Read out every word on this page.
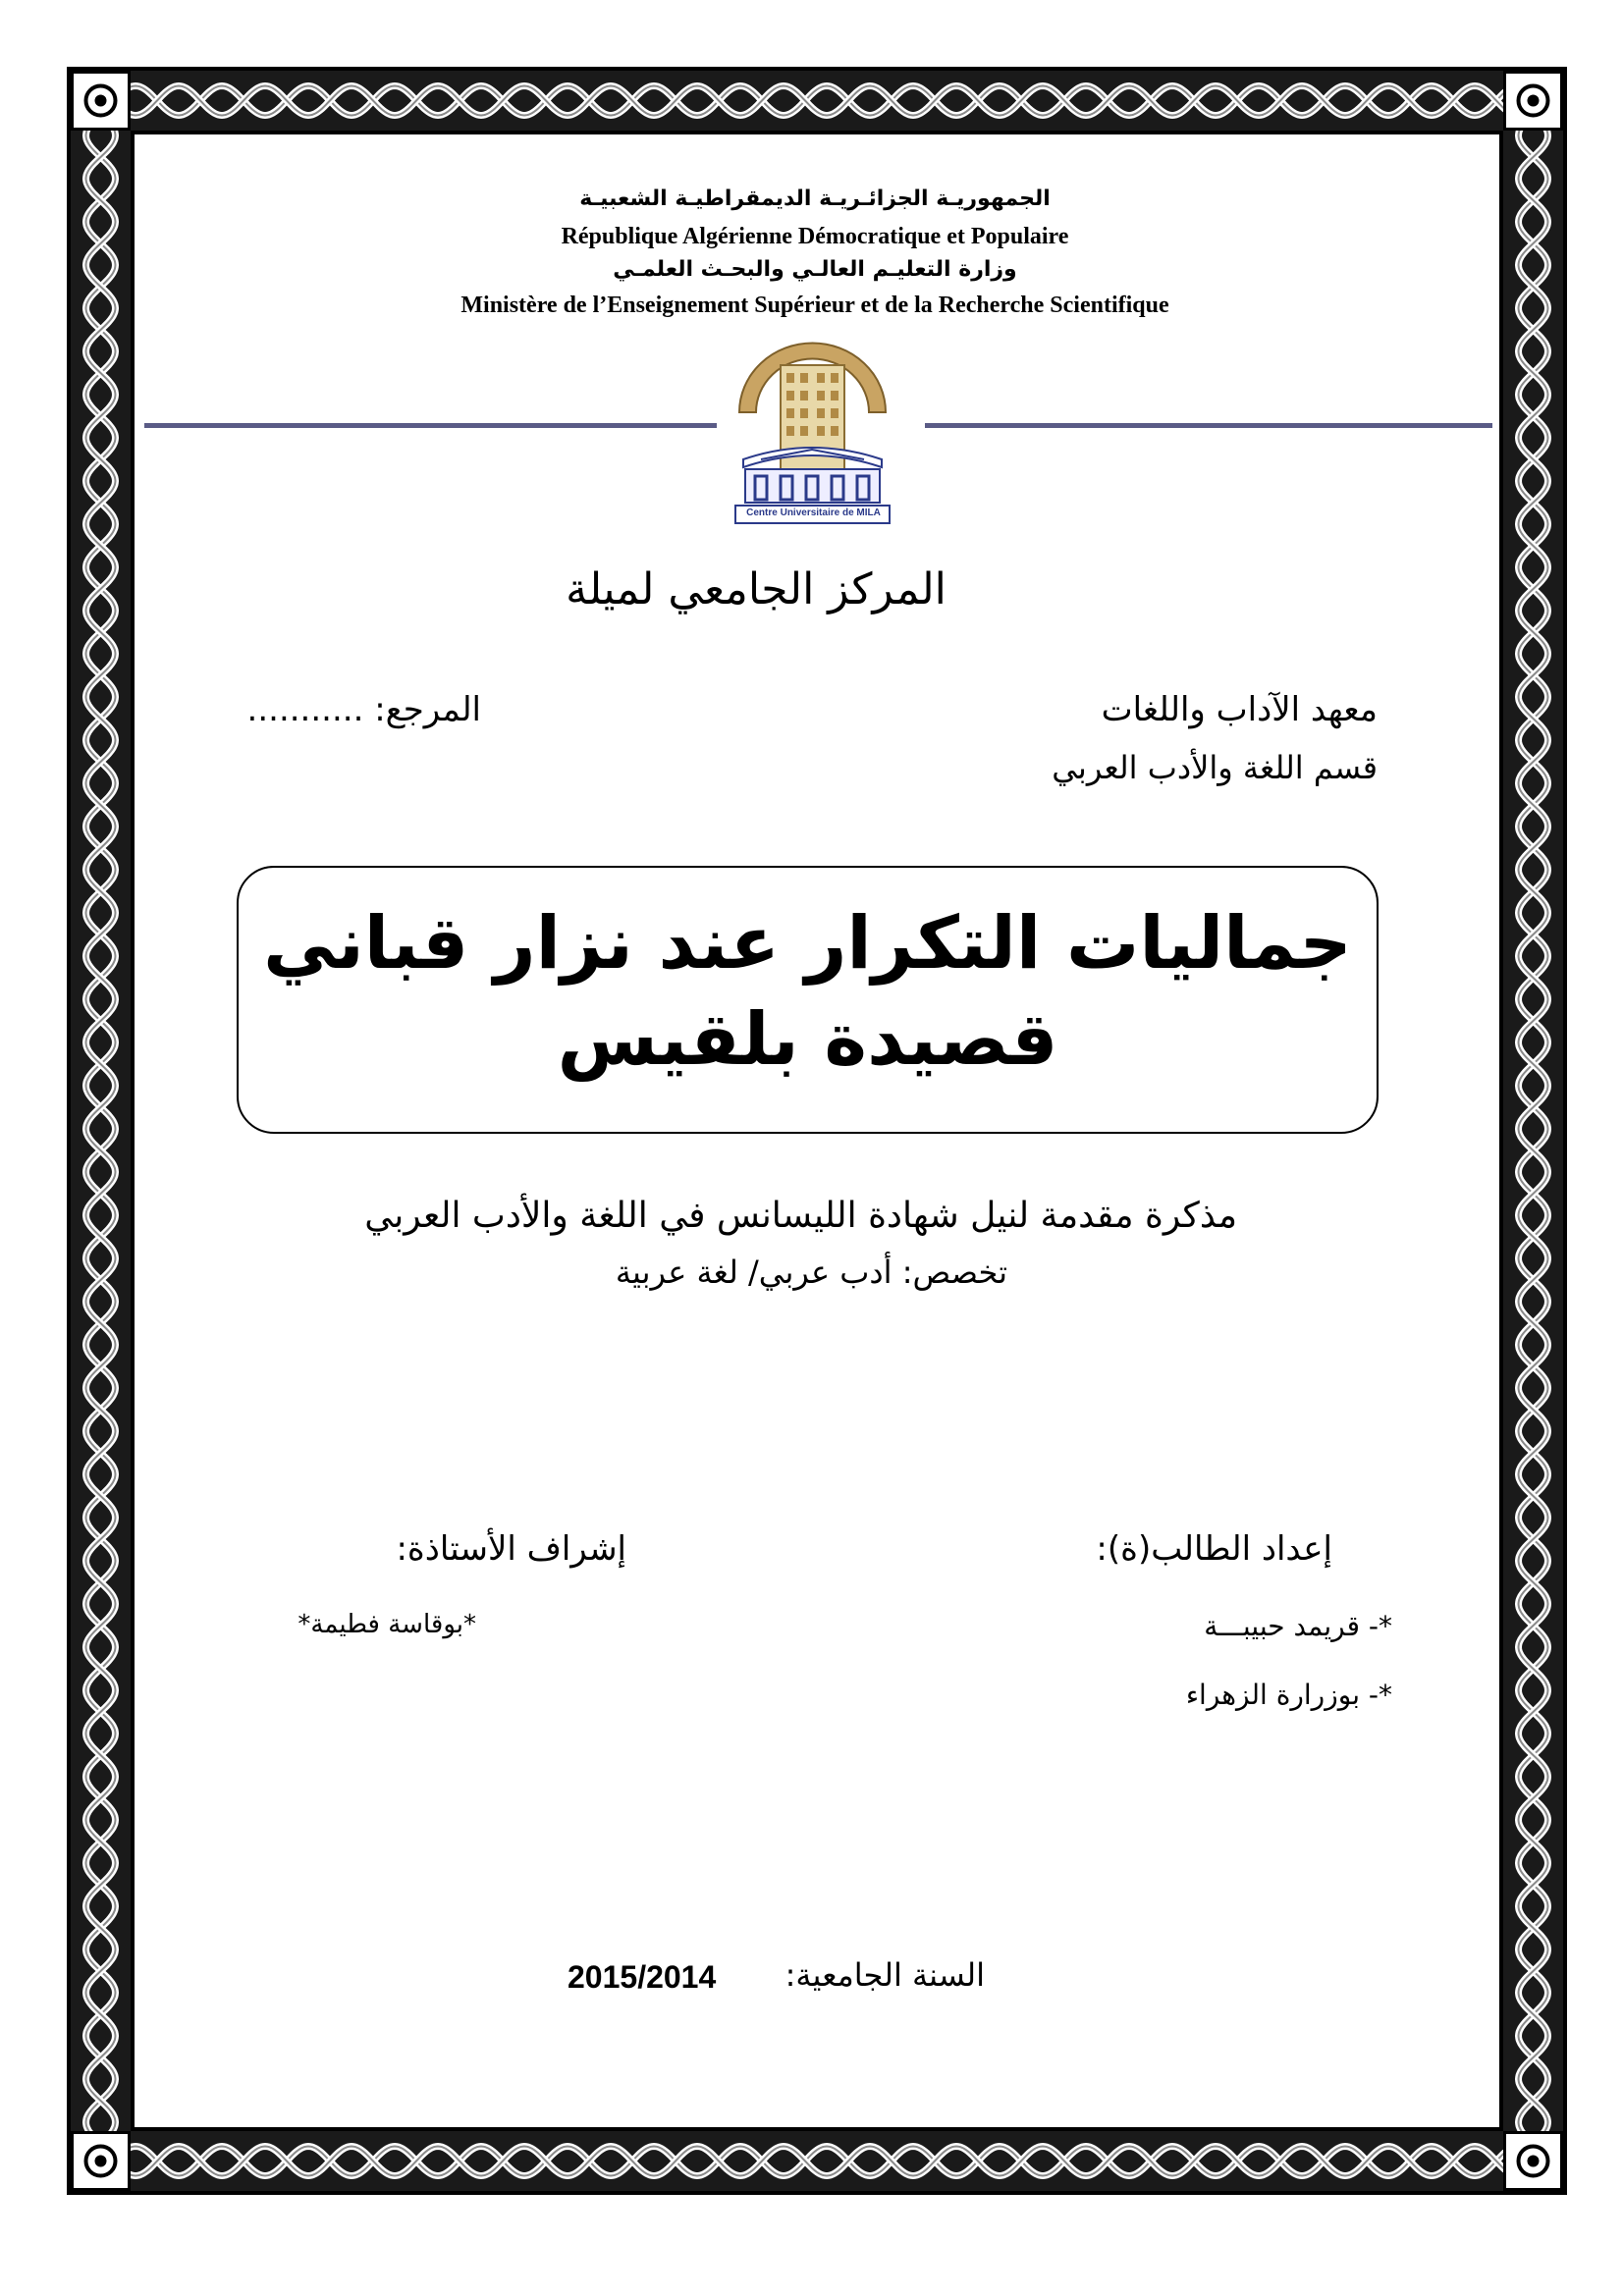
الجمهوريـة الجزائـريـة الديمقراطيـة الشعبيـة
République Algérienne Démocratique et Populaire
وزارة التعليـم العالـي والبحـث العلمـي
Ministère de l’Enseignement Supérieur et de la Recherche Scientifique
Centre Universitaire de MILA
المركز الجامعي لميلة
معهد الآداب واللغات
المرجع: ...........
قسم اللغة والأدب العربي
جماليات التكرار عند نزار قباني
قصيدة بلقيس
مذكرة مقدمة لنيل شهادة الليسانس في اللغة والأدب العربي
تخصص: أدب عربي/ لغة عربية
إعداد الطالب(ة):
إشراف الأستاذة:
*- قريمد حبيبـــة
*- بوزرارة الزهراء
*بوقاسة فطيمة*
السنة الجامعية:
2015/2014
